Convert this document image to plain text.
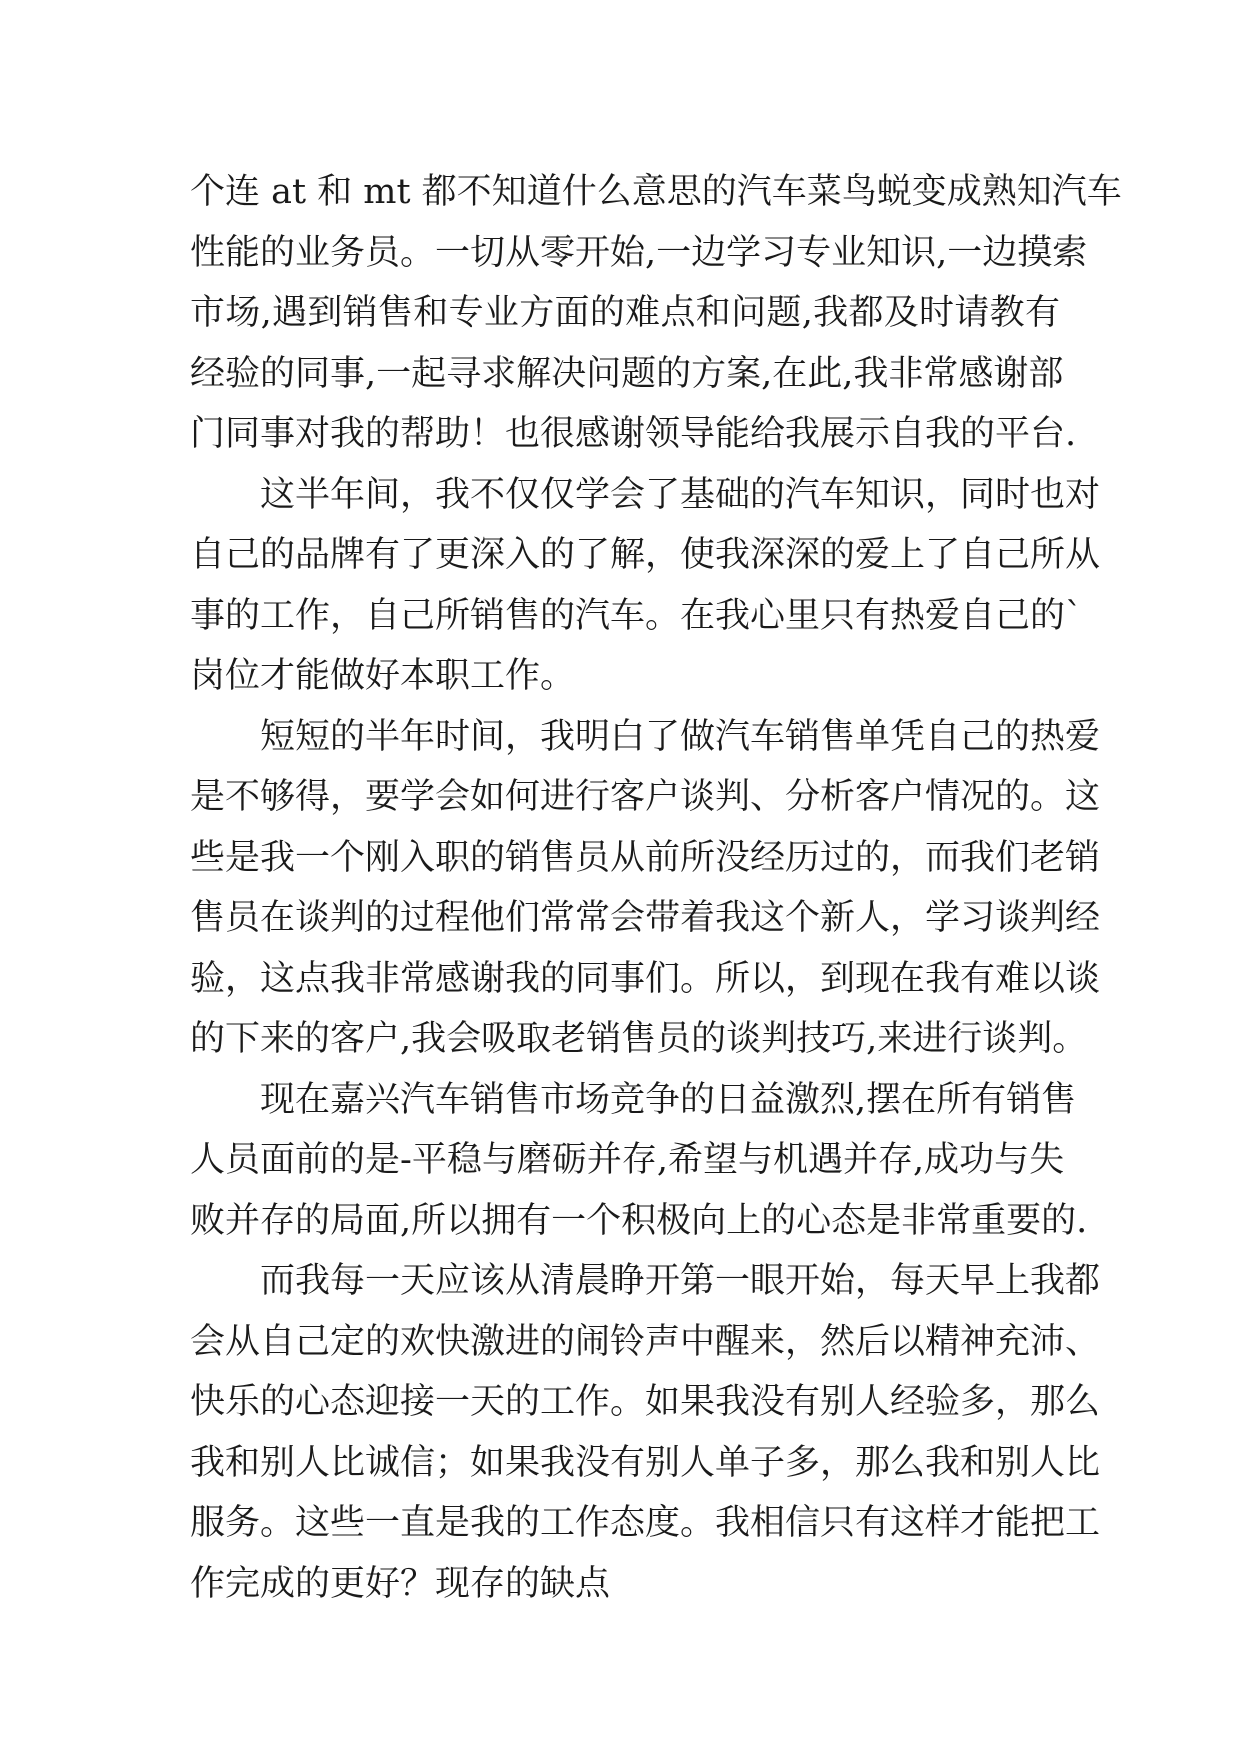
个连 at 和 mt 都不知道什么意思的汽车菜鸟蜕变成熟知汽车
性能的业务员。一切从零开始,一边学习专业知识,一边摸索
市场,遇到销售和专业方面的难点和问题,我都及时请教有
经验的同事,一起寻求解决问题的方案,在此,我非常感谢部
门同事对我的帮助！也很感谢领导能给我展示自我的平台.
这半年间，我不仅仅学会了基础的汽车知识，同时也对
自己的品牌有了更深入的了解，使我深深的爱上了自己所从
事的工作，自己所销售的汽车。在我心里只有热爱自己的`
岗位才能做好本职工作。
短短的半年时间，我明白了做汽车销售单凭自己的热爱
是不够得，要学会如何进行客户谈判、分析客户情况的。这
些是我一个刚入职的销售员从前所没经历过的，而我们老销
售员在谈判的过程他们常常会带着我这个新人，学习谈判经
验，这点我非常感谢我的同事们。所以，到现在我有难以谈
的下来的客户,我会吸取老销售员的谈判技巧,来进行谈判。
现在嘉兴汽车销售市场竞争的日益激烈,摆在所有销售
人员面前的是-平稳与磨砺并存,希望与机遇并存,成功与失
败并存的局面,所以拥有一个积极向上的心态是非常重要的.
而我每一天应该从清晨睁开第一眼开始，每天早上我都
会从自己定的欢快激进的闹铃声中醒来，然后以精神充沛、
快乐的心态迎接一天的工作。如果我没有别人经验多，那么
我和别人比诚信；如果我没有别人单子多，那么我和别人比
服务。这些一直是我的工作态度。我相信只有这样才能把工
作完成的更好？现存的缺点
